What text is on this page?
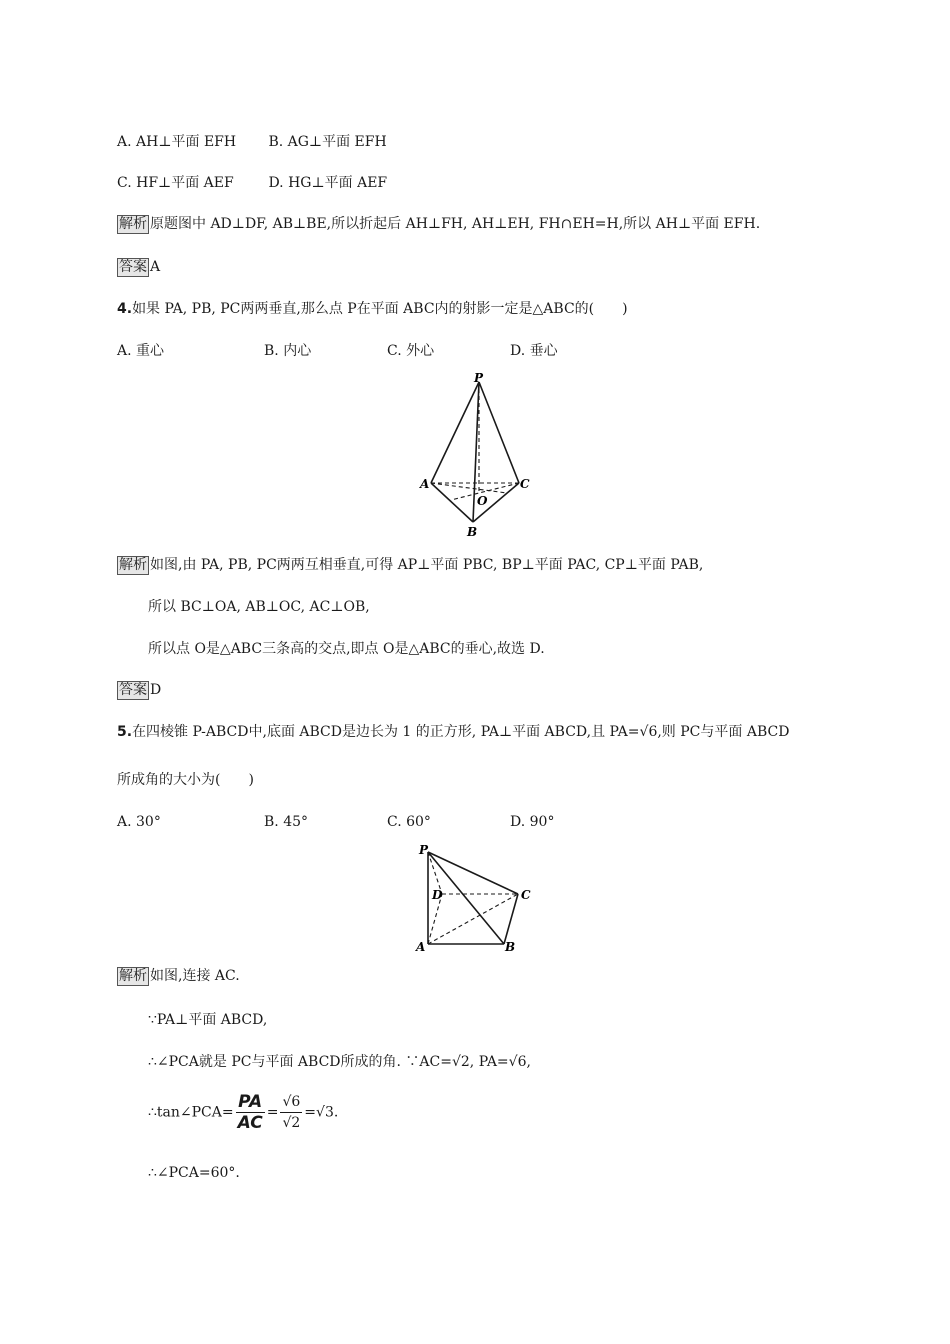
A. AH⊥平面 EFH B. AG⊥平面 EFH
C. HF⊥平面 AEF D. HG⊥平面 AEF
解析 原题图中 AD⊥DF, AB⊥BE,所以折起后 AH⊥FH, AH⊥EH, FH∩EH=H,所以 AH⊥平面 EFH.
答案 A
4.如果 PA, PB, PC两两垂直,那么点 P在平面 ABC内的射影一定是△ABC的(　　)
A. 重心	B. 内心	C. 外心	D. 垂心
P
A	C
O
B
解析 如图,由 PA, PB, PC两两互相垂直,可得 AP⊥平面 PBC, BP⊥平面 PAC, CP⊥平面 PAB,
所以 BC⊥OA, AB⊥OC, AC⊥OB,
所以点 O是△ABC三条高的交点,即点 O是△ABC的垂心,故选 D.
答案 D
5.在四棱锥 P-ABCD中,底面 ABCD是边长为 1 的正方形, PA⊥平面 ABCD,且 PA=√6,则 PC与平面 ABCD
所成角的大小为(　　)
A. 30°	B. 45°	C. 60°	D. 90°
P
D	C
A	B
解析 如图,连接 AC.
∵PA⊥平面 ABCD,
∴∠PCA就是 PC与平面 ABCD所成的角. ∵AC=√2, PA=√6,
∴tan∠PCA= $\frac{PA}{AC} = \frac{√6}{√2} =√3$.
∴∠PCA=60°.
